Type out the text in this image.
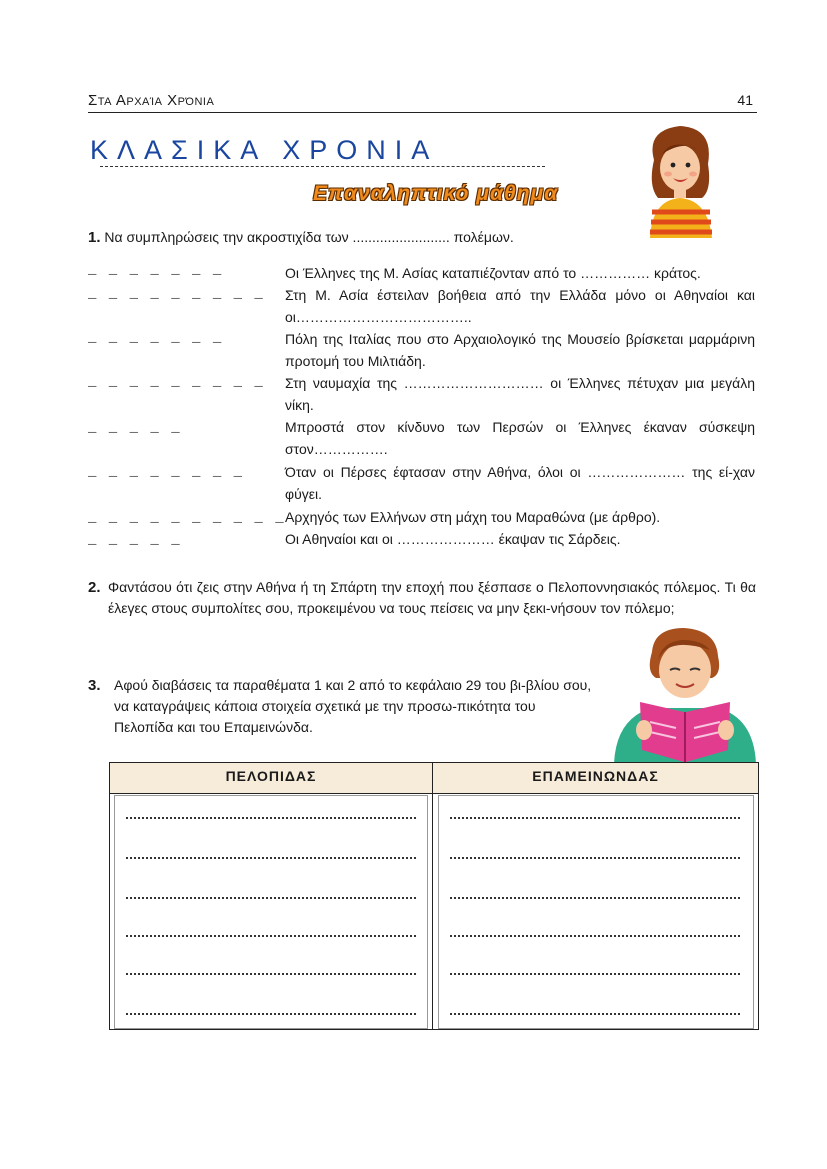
Στα Αρχαία Χρόνια	41
ΚΛΑΣΙΚΑ ΧΡΟΝΙΑ
Επαναληπτικό μάθημα
1. Να συμπληρώσεις την ακροστιχίδα των ......................... πολέμων.
_ _ _ _ _ _ _	Οι Έλληνες της Μ. Ασίας καταπιέζονταν από το …………… κράτος.
_ _ _ _ _ _ _ _ _ Στη Μ. Ασία έστειλαν βοήθεια από την Ελλάδα μόνο οι Αθηναίοι και οι………………………………..
_ _ _ _ _ _ _	Πόλη της Ιταλίας που στο Αρχαιολογικό της Μουσείο βρίσκεται μαρμάρινη προτομή του Μιλτιάδη.
_ _ _ _ _ _ _ _ _ Στη ναυμαχία της ………………………… οι Έλληνες πέτυχαν μια μεγάλη νίκη.
_ _ _ _ _	Μπροστά στον κίνδυνο των Περσών οι Έλληνες έκαναν σύσκεψη στον…………….
_ _ _ _ _ _ _ _	Όταν οι Πέρσες έφτασαν στην Αθήνα, όλοι οι ………………… της εί-χαν φύγει.
_ _ _ _ _ _ _ _ _ _ Αρχηγός των Ελλήνων στη μάχη του Μαραθώνα (με άρθρο).
_ _ _ _ _	Οι Αθηναίοι και οι ………………… έκαψαν τις Σάρδεις.
2. Φαντάσου ότι ζεις στην Αθήνα ή τη Σπάρτη την εποχή που ξέσπασε ο Πελοποννησιακός πόλεμος. Τι θα έλεγες στους συμπολίτες σου, προκειμένου να τους πείσεις να μην ξεκι-νήσουν τον πόλεμο;
3. Αφού διαβάσεις τα παραθέματα 1 και 2 από το κεφάλαιο 29 του βι-βλίου σου, να καταγράψεις κάποια στοιχεία σχετικά με την προσω-πικότητα του Πελοπίδα και του Επαμεινώνδα.
ΠΕΛΟΠΙΔΑΣ	ΕΠΑΜΕΙΝΩΝΔΑΣ
